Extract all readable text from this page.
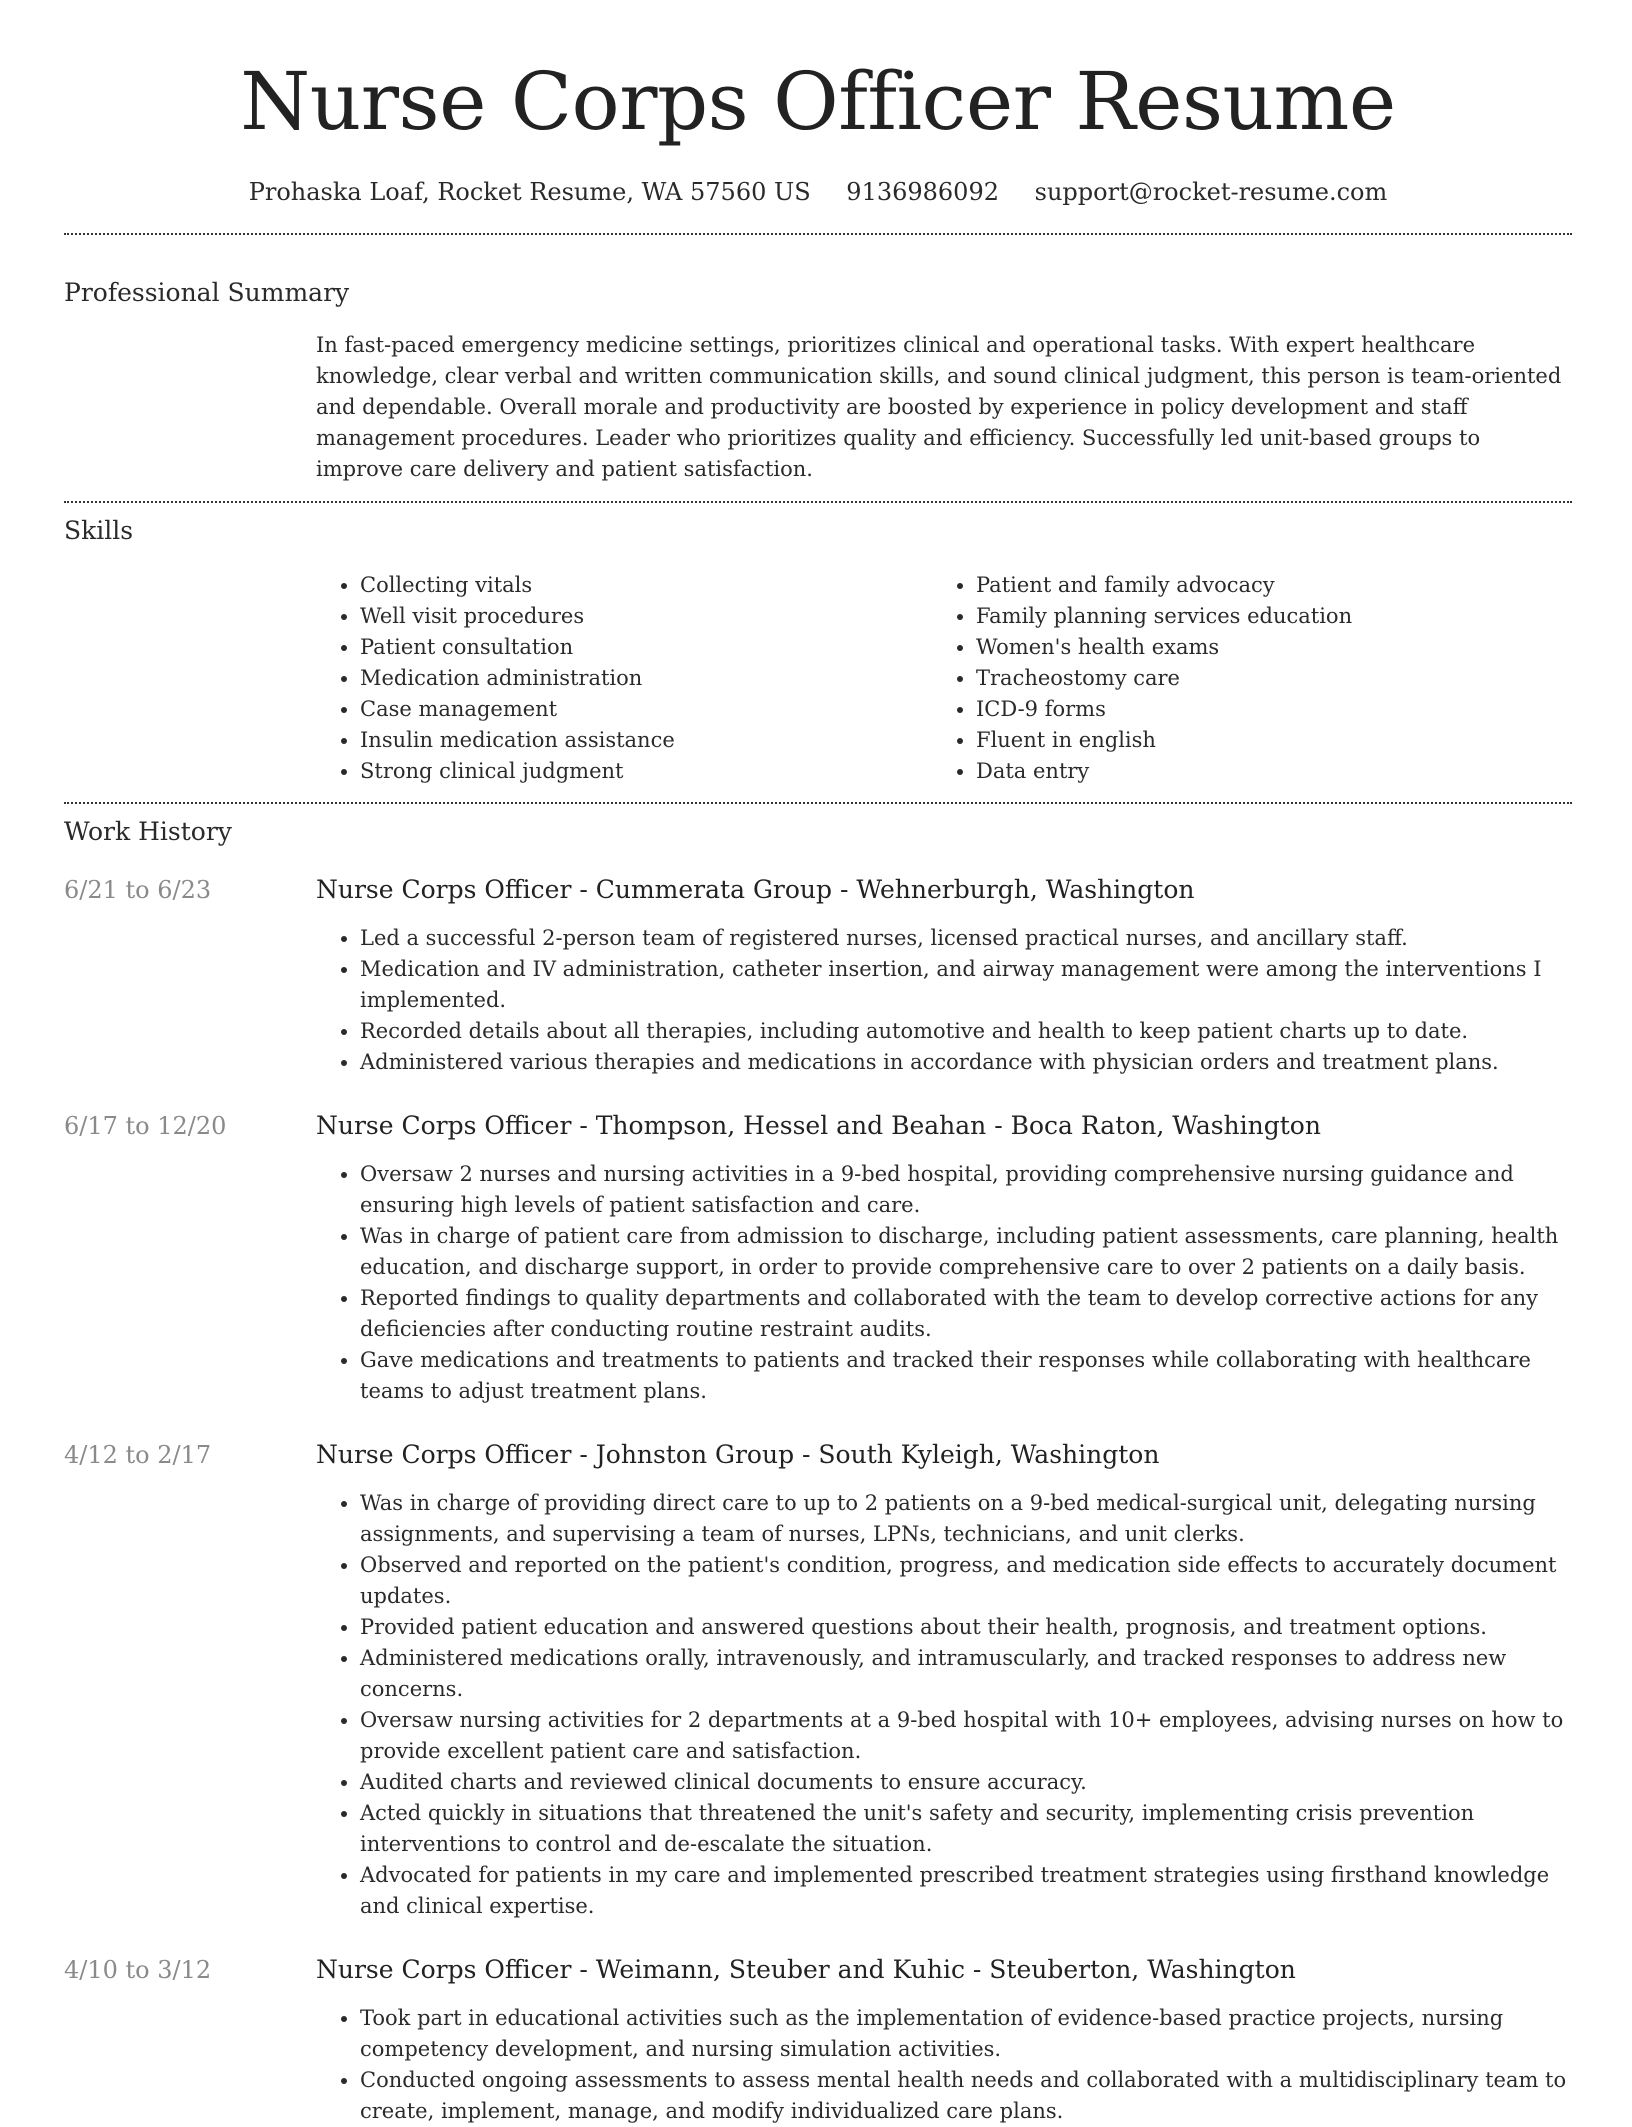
Nurse Corps Officer Resume
Prohaska Loaf, Rocket Resume, WA 57560 US 9136986092 support@rocket-resume.com
Professional Summary

In fast-paced emergency medicine settings, prioritizes clinical and operational tasks. With expert healthcare knowledge, clear verbal and written communication skills, and sound clinical judgment, this person is team-oriented and dependable. Overall morale and productivity are boosted by experience in policy development and staff management procedures. Leader who prioritizes quality and efficiency. Successfully led unit-based groups to improve care delivery and patient satisfaction.

Skills
• Collecting vitals
• Well visit procedures
• Patient consultation
• Medication administration
• Case management
• Insulin medication assistance
• Strong clinical judgment
• Patient and family advocacy
• Family planning services education
• Women's health exams
• Tracheostomy care
• ICD-9 forms
• Fluent in english
• Data entry
Work History
6/21 to 6/23	Nurse Corps Officer - Cummerata Group - Wehnerburgh, Washington
• Led a successful 2-person team of registered nurses, licensed practical nurses, and ancillary staff.
• Medication and IV administration, catheter insertion, and airway management were among the interventions I implemented.
• Recorded details about all therapies, including automotive and health to keep patient charts up to date.
• Administered various therapies and medications in accordance with physician orders and treatment plans.
6/17 to 12/20	Nurse Corps Officer - Thompson, Hessel and Beahan - Boca Raton, Washington
• Oversaw 2 nurses and nursing activities in a 9-bed hospital, providing comprehensive nursing guidance and ensuring high levels of patient satisfaction and care.
• Was in charge of patient care from admission to discharge, including patient assessments, care planning, health education, and discharge support, in order to provide comprehensive care to over 2 patients on a daily basis.
• Reported findings to quality departments and collaborated with the team to develop corrective actions for any deficiencies after conducting routine restraint audits.
• Gave medications and treatments to patients and tracked their responses while collaborating with healthcare teams to adjust treatment plans.
4/12 to 2/17	Nurse Corps Officer - Johnston Group - South Kyleigh, Washington
• Was in charge of providing direct care to up to 2 patients on a 9-bed medical-surgical unit, delegating nursing assignments, and supervising a team of nurses, LPNs, technicians, and unit clerks.
• Observed and reported on the patient's condition, progress, and medication side effects to accurately document updates.
• Provided patient education and answered questions about their health, prognosis, and treatment options.
• Administered medications orally, intravenously, and intramuscularly, and tracked responses to address new concerns.
• Oversaw nursing activities for 2 departments at a 9-bed hospital with 10+ employees, advising nurses on how to provide excellent patient care and satisfaction.
• Audited charts and reviewed clinical documents to ensure accuracy.
• Acted quickly in situations that threatened the unit's safety and security, implementing crisis prevention interventions to control and de-escalate the situation.
• Advocated for patients in my care and implemented prescribed treatment strategies using firsthand knowledge and clinical expertise.
4/10 to 3/12	Nurse Corps Officer - Weimann, Steuber and Kuhic - Steuberton, Washington
• Took part in educational activities such as the implementation of evidence-based practice projects, nursing competency development, and nursing simulation activities.
• Conducted ongoing assessments to assess mental health needs and collaborated with a multidisciplinary team to create, implement, manage, and modify individualized care plans.
